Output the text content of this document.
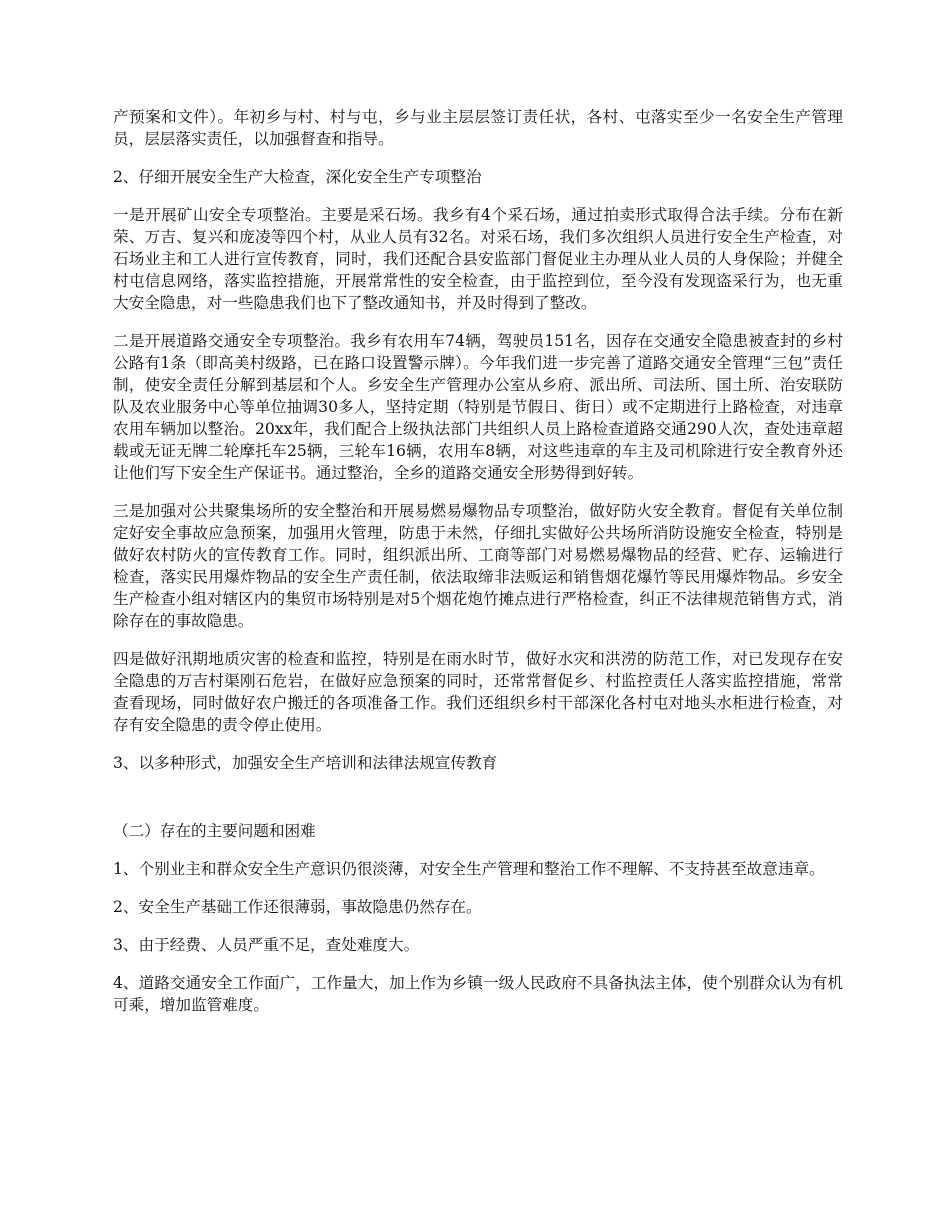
产预案和文件）。年初乡与村、村与屯，乡与业主层层签订责任状，各村、屯落实至少一名安全生产管理员，层层落实责任，以加强督查和指导。

2、仔细开展安全生产大检查，深化安全生产专项整治

一是开展矿山安全专项整治。主要是采石场。我乡有4个采石场，通过拍卖形式取得合法手续。分布在新荣、万吉、复兴和庞凌等四个村，从业人员有32名。对采石场，我们多次组织人员进行安全生产检查，对石场业主和工人进行宣传教育，同时，我们还配合县安监部门督促业主办理从业人员的人身保险；并健全村屯信息网络，落实监控措施，开展常常性的安全检查，由于监控到位，至今没有发现盗采行为，也无重大安全隐患，对一些隐患我们也下了整改通知书，并及时得到了整改。

二是开展道路交通安全专项整治。我乡有农用车74辆，驾驶员151名，因存在交通安全隐患被查封的乡村公路有1条（即高美村级路，已在路口设置警示牌）。今年我们进一步完善了道路交通安全管理“三包”责任制，使安全责任分解到基层和个人。乡安全生产管理办公室从乡府、派出所、司法所、国土所、治安联防队及农业服务中心等单位抽调30多人，坚持定期（特别是节假日、街日）或不定期进行上路检查，对违章农用车辆加以整治。20xx年，我们配合上级执法部门共组织人员上路检查道路交通290人次，查处违章超载或无证无牌二轮摩托车25辆，三轮车16辆，农用车8辆，对这些违章的车主及司机除进行安全教育外还让他们写下安全生产保证书。通过整治，全乡的道路交通安全形势得到好转。

三是加强对公共聚集场所的安全整治和开展易燃易爆物品专项整治，做好防火安全教育。督促有关单位制定好安全事故应急预案，加强用火管理，防患于未然，仔细扎实做好公共场所消防设施安全检查，特别是做好农村防火的宣传教育工作。同时，组织派出所、工商等部门对易燃易爆物品的经营、贮存、运输进行检查，落实民用爆炸物品的安全生产责任制，依法取缔非法贩运和销售烟花爆竹等民用爆炸物品。乡安全生产检查小组对辖区内的集贸市场特别是对5个烟花炮竹摊点进行严格检查，纠正不法律规范销售方式，消除存在的事故隐患。

四是做好汛期地质灾害的检查和监控，特别是在雨水时节，做好水灾和洪涝的防范工作，对已发现存在安全隐患的万吉村渠刚石危岩，在做好应急预案的同时，还常常督促乡、村监控责任人落实监控措施，常常查看现场，同时做好农户搬迁的各项准备工作。我们还组织乡村干部深化各村屯对地头水柜进行检查，对存有安全隐患的责令停止使用。

3、以多种形式，加强安全生产培训和法律法规宣传教育

（二）存在的主要问题和困难

1、个别业主和群众安全生产意识仍很淡薄，对安全生产管理和整治工作不理解、不支持甚至故意违章。

2、安全生产基础工作还很薄弱，事故隐患仍然存在。

3、由于经费、人员严重不足，查处难度大。

4、道路交通安全工作面广，工作量大，加上作为乡镇一级人民政府不具备执法主体，使个别群众认为有机可乘，增加监管难度。
